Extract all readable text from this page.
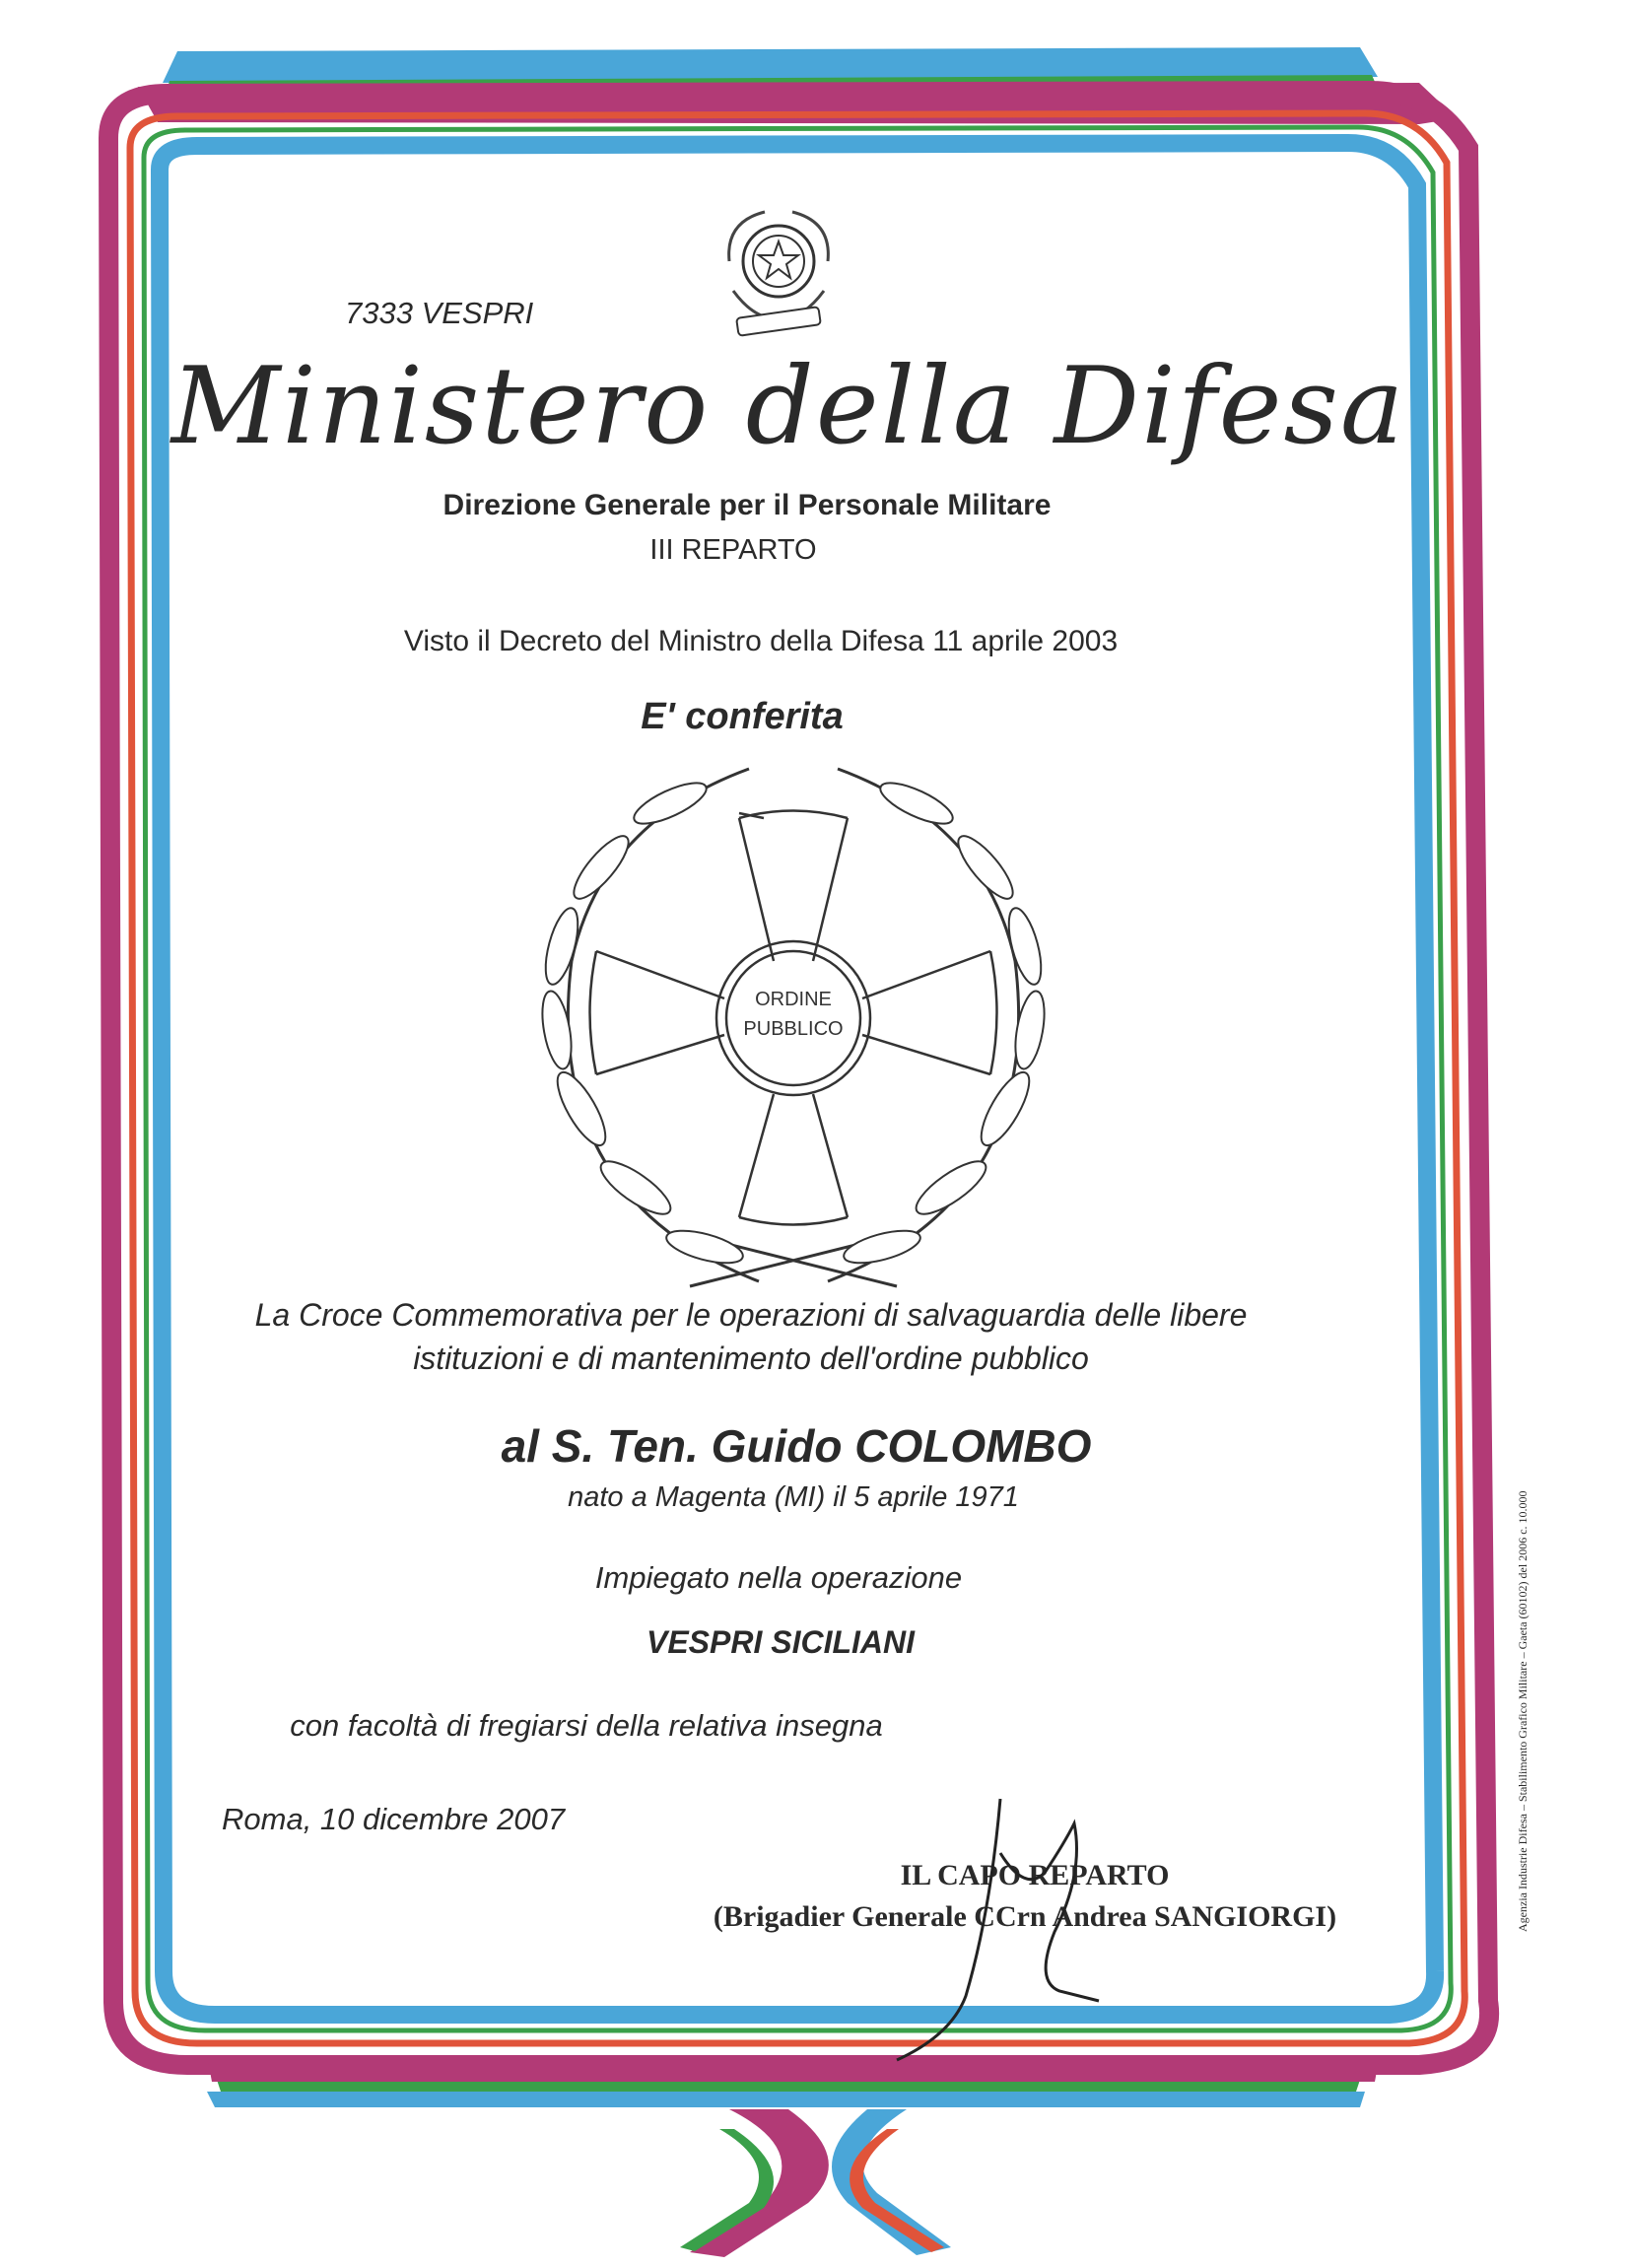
7333 VESPRI
Ministero della Difesa
Direzione Generale per il Personale Militare
III REPARTO
Visto il Decreto del Ministro della Difesa 11 aprile 2003
E' conferita
ORDINE
PUBBLICO
La Croce Commemorativa per le operazioni di salvaguardia delle libere
istituzioni e di mantenimento dell'ordine pubblico
al S. Ten. Guido COLOMBO
nato a Magenta (MI) il 5 aprile 1971
Impiegato nella operazione
VESPRI SICILIANI
con facoltà di fregiarsi della relativa insegna
Roma, 10 dicembre 2007
IL CAPO REPARTO
(Brigadier Generale CCrn Andrea SANGIORGI)	Agenzia Industrie Difesa – Stabilimento Grafico Militare – Gaeta (60102) del 2006 c. 10.000
